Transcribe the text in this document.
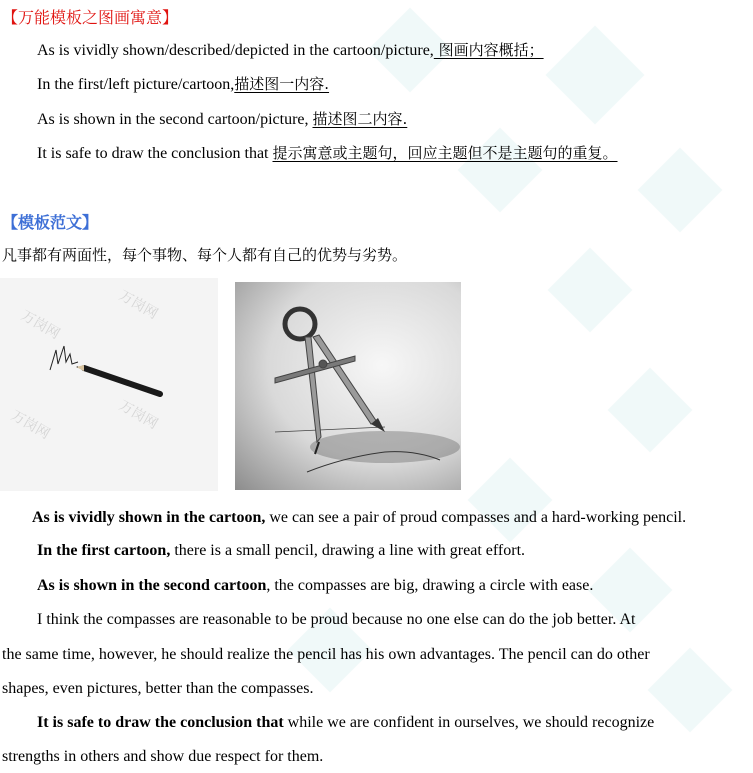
【万能模板之图画寓意】
As is vividly shown/described/depicted in the cartoon/picture, 图画内容概括；
In the first/left picture/cartoon,描述图一内容.
As is shown in the second cartoon/picture, 描述图二内容.
It is safe to draw the conclusion that 提示寓意或主题句，回应主题但不是主题句的重复。
【模板范文】
凡事都有两面性，每个事物、每个人都有自己的优势与劣势。
万岗网
万岗网
万岗网	万岗网
As is vividly shown in the cartoon, we can see a pair of proud compasses and a hard-working pencil.
In the first cartoon, there is a small pencil, drawing a line with great effort.
As is shown in the second cartoon, the compasses are big, drawing a circle with ease.
I think the compasses are reasonable to be proud because no one else can do the job better. At
the same time, however, he should realize the pencil has his own advantages. The pencil can do other
shapes, even pictures, better than the compasses.
It is safe to draw the conclusion that while we are confident in ourselves, we should recognize
strengths in others and show due respect for them.
